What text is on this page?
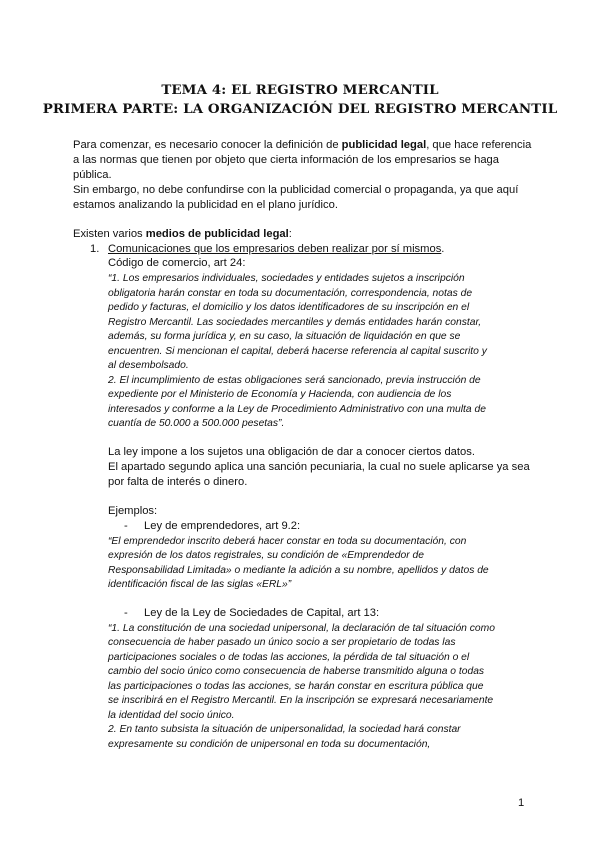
TEMA 4: EL REGISTRO MERCANTIL
PRIMERA PARTE: LA ORGANIZACIÓN DEL REGISTRO MERCANTIL
Para comenzar, es necesario conocer la definición de publicidad legal, que hace referencia
a las normas que tienen por objeto que cierta información de los empresarios se haga
pública.
Sin embargo, no debe confundirse con la publicidad comercial o propaganda, ya que aquí
estamos analizando la publicidad en el plano jurídico.
Existen varios medios de publicidad legal:
1. Comunicaciones que los empresarios deben realizar por sí mismos.
Código de comercio, art 24:
“1. Los empresarios individuales, sociedades y entidades sujetos a inscripción
obligatoria harán constar en toda su documentación, correspondencia, notas de
pedido y facturas, el domicilio y los datos identificadores de su inscripción en el
Registro Mercantil. Las sociedades mercantiles y demás entidades harán constar,
además, su forma jurídica y, en su caso, la situación de liquidación en que se
encuentren. Si mencionan el capital, deberá hacerse referencia al capital suscrito y
al desembolsado.
2. El incumplimiento de estas obligaciones será sancionado, previa instrucción de
expediente por el Ministerio de Economía y Hacienda, con audiencia de los
interesados y conforme a la Ley de Procedimiento Administrativo con una multa de
cuantía de 50.000 a 500.000 pesetas”.
La ley impone a los sujetos una obligación de dar a conocer ciertos datos.
El apartado segundo aplica una sanción pecuniaria, la cual no suele aplicarse ya sea
por falta de interés o dinero.
Ejemplos:
- Ley de emprendedores, art 9.2:
“El emprendedor inscrito deberá hacer constar en toda su documentación, con
expresión de los datos registrales, su condición de «Emprendedor de
Responsabilidad Limitada» o mediante la adición a su nombre, apellidos y datos de
identificación fiscal de las siglas «ERL»”
- Ley de la Ley de Sociedades de Capital, art 13:
“1. La constitución de una sociedad unipersonal, la declaración de tal situación como
consecuencia de haber pasado un único socio a ser propietario de todas las
participaciones sociales o de todas las acciones, la pérdida de tal situación o el
cambio del socio único como consecuencia de haberse transmitido alguna o todas
las participaciones o todas las acciones, se harán constar en escritura pública que
se inscribirá en el Registro Mercantil. En la inscripción se expresará necesariamente
la identidad del socio único.
2. En tanto subsista la situación de unipersonalidad, la sociedad hará constar
expresamente su condición de unipersonal en toda su documentación,
1
